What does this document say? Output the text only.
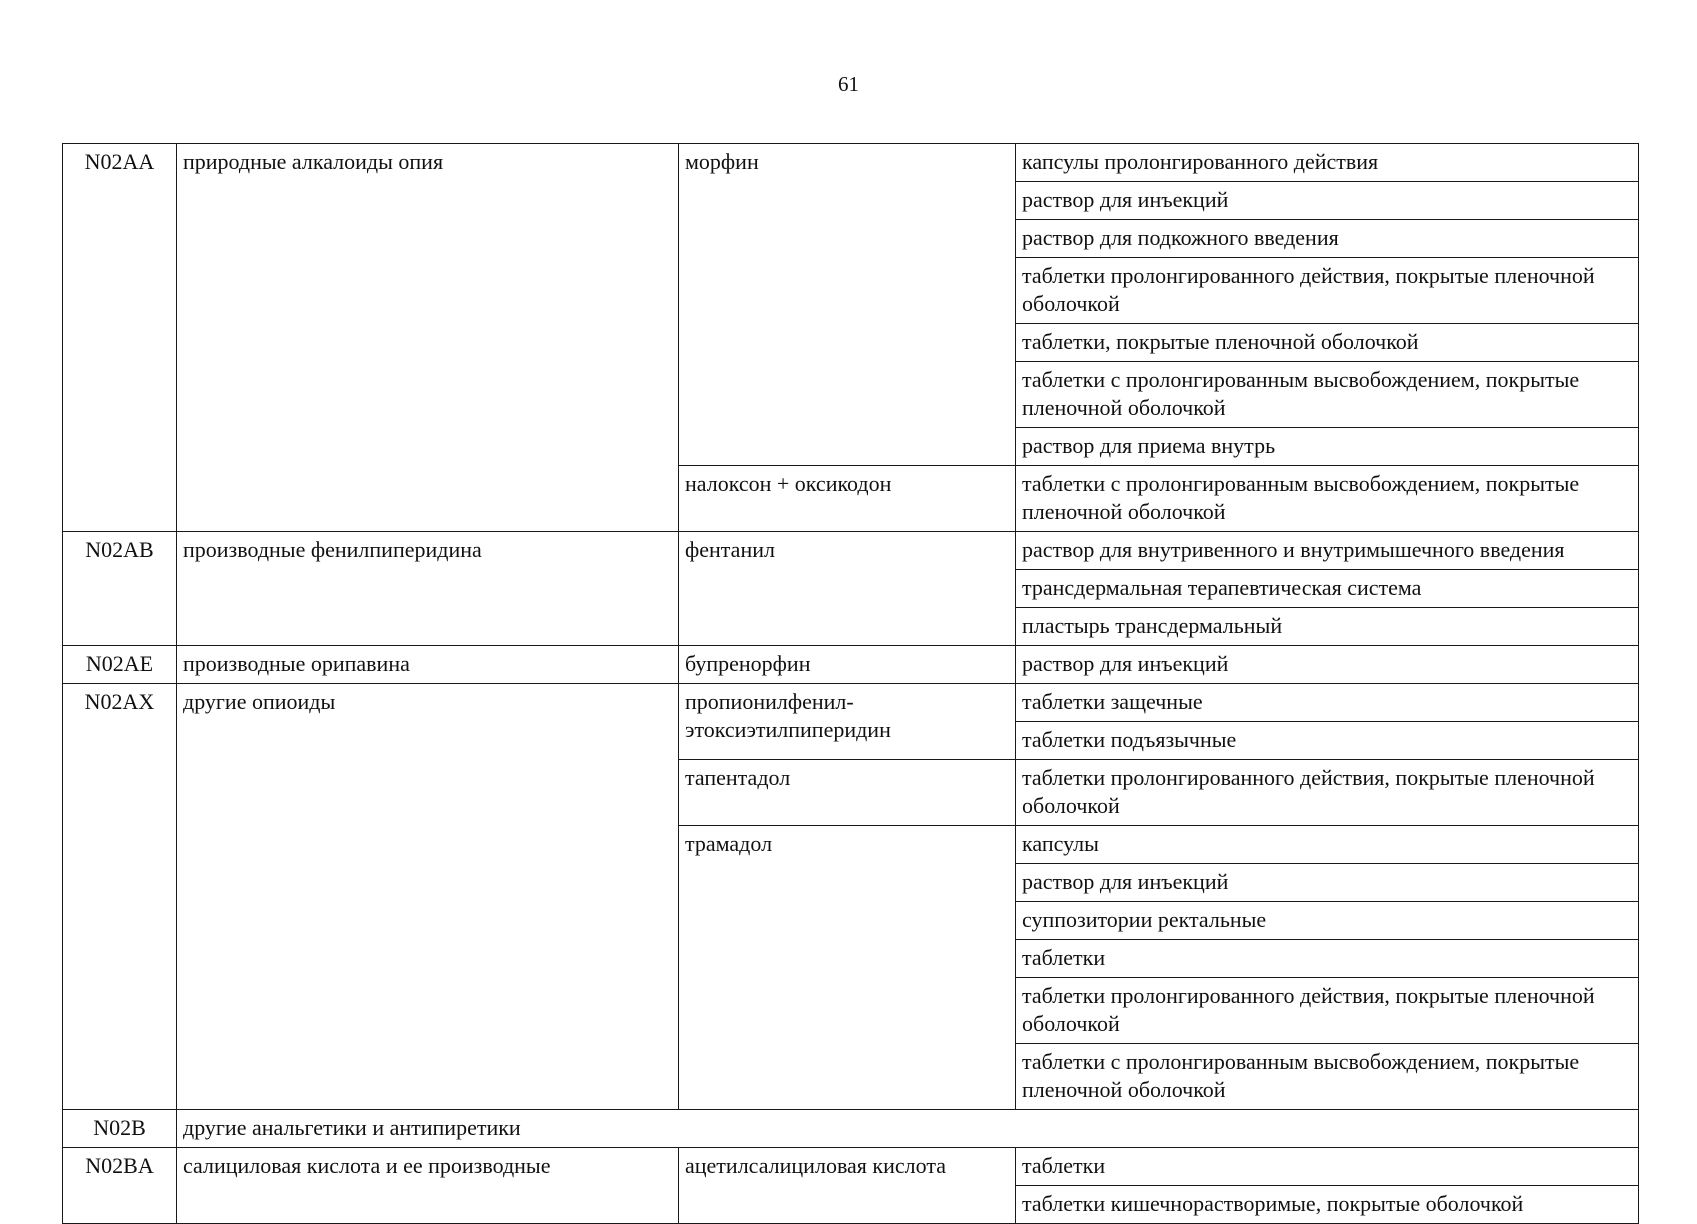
61
N02AA	природные алкалоиды опия	морфин	капсулы пролонгированного действия
			раствор для инъекций
			раствор для подкожного введения
			таблетки пролонгированного действия, покрытые пленочной оболочкой
			таблетки, покрытые пленочной оболочкой
			таблетки с пролонгированным высвобождением, покрытые пленочной оболочкой
			раствор для приема внутрь
		налоксон + оксикодон	таблетки с пролонгированным высвобождением, покрытые пленочной оболочкой
N02AB	производные фенилпиперидина	фентанил	раствор для внутривенного и внутримышечного введения
			трансдермальная терапевтическая система
			пластырь трансдермальный
N02AE	производные орипавина	бупренорфин	раствор для инъекций
N02AX	другие опиоиды	пропионилфенил-этоксиэтилпиперидин	таблетки защечные
			таблетки подъязычные
		тапентадол	таблетки пролонгированного действия, покрытые пленочной оболочкой
		трамадол	капсулы
			раствор для инъекций
			суппозитории ректальные
			таблетки
			таблетки пролонгированного действия, покрытые пленочной оболочкой
			таблетки с пролонгированным высвобождением, покрытые пленочной оболочкой
N02B	другие анальгетики и антипиретики		
N02BA	салициловая кислота и ее производные	ацетилсалициловая кислота	таблетки
			таблетки кишечнорастворимые, покрытые оболочкой
